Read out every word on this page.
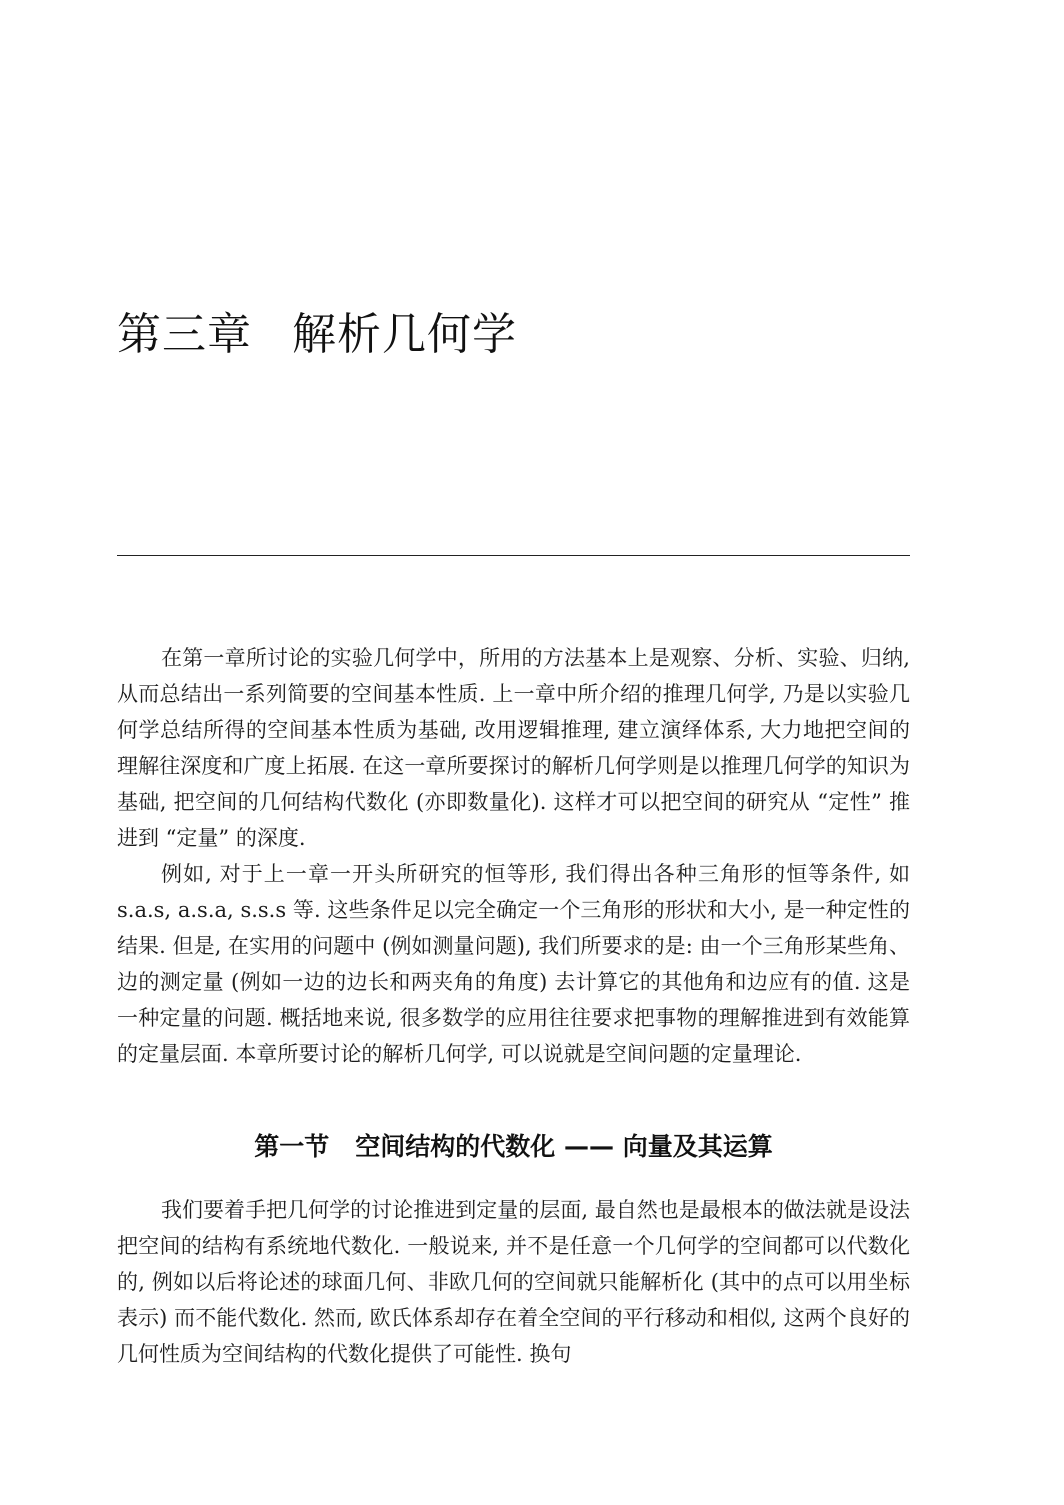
第三章 解析几何学

在第一章所讨论的实验几何学中，所用的方法基本上是观察、分析、实验、归纳, 从而总结出一系列简要的空间基本性质. 上一章中所介绍的推理几何学, 乃是以实验几何学总结所得的空间基本性质为基础, 改用逻辑推理, 建立演绎体系, 大力地把空间的理解往深度和广度上拓展. 在这一章所要探讨的解析几何学则是以推理几何学的知识为基础, 把空间的几何结构代数化 (亦即数量化). 这样才可以把空间的研究从 “定性” 推进到 “定量” 的深度.

例如, 对于上一章一开头所研究的恒等形, 我们得出各种三角形的恒等条件, 如 s.a.s, a.s.a, s.s.s 等. 这些条件足以完全确定一个三角形的形状和大小, 是一种定性的结果. 但是, 在实用的问题中 (例如测量问题), 我们所要求的是: 由一个三角形某些角、边的测定量 (例如一边的边长和两夹角的角度) 去计算它的其他角和边应有的值. 这是一种定量的问题. 概括地来说, 很多数学的应用往往要求把事物的理解推进到有效能算的定量层面. 本章所要讨论的解析几何学, 可以说就是空间问题的定量理论.

第一节 空间结构的代数化 —— 向量及其运算

我们要着手把几何学的讨论推进到定量的层面, 最自然也是最根本的做法就是设法把空间的结构有系统地代数化. 一般说来, 并不是任意一个几何学的空间都可以代数化的, 例如以后将论述的球面几何、非欧几何的空间就只能解析化 (其中的点可以用坐标表示) 而不能代数化. 然而, 欧氏体系却存在着全空间的平行移动和相似, 这两个良好的几何性质为空间结构的代数化提供了可能性. 换句
